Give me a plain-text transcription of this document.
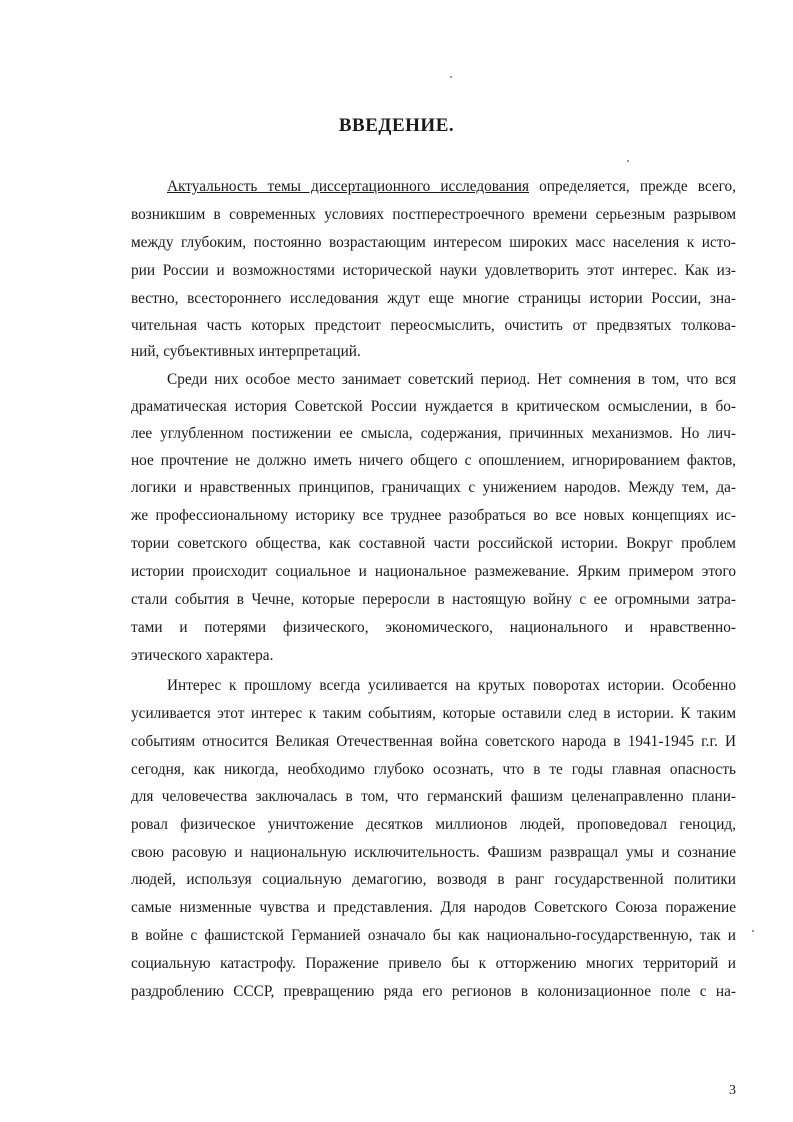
ВВЕДЕНИЕ.
Актуальность темы диссертационного исследования определяется, прежде всего,
возникшим в современных условиях постперестроечного времени серьезным разрывом
между глубоким, постоянно возрастающим интересом широких масс населения к исто-
рии России и возможностями исторической науки удовлетворить этот интерес. Как из-
вестно, всестороннего исследования ждут еще многие страницы истории России, зна-
чительная часть которых предстоит переосмыслить, очистить от предвзятых толкова-
ний, субъективных интерпретаций.
Среди них особое место занимает советский период. Нет сомнения в том, что вся
драматическая история Советской России нуждается в критическом осмыслении, в бо-
лее углубленном постижении ее смысла, содержания, причинных механизмов. Но лич-
ное прочтение не должно иметь ничего общего с опошлением, игнорированием фактов,
логики и нравственных принципов, граничащих с унижением народов. Между тем, да-
же профессиональному историку все труднее разобраться во все новых концепциях ис-
тории советского общества, как составной части российской истории. Вокруг проблем
истории происходит социальное и национальное размежевание. Ярким примером этого
стали события в Чечне, которые переросли в настоящую войну с ее огромными затра-
тами и потерями физического, экономического, национального и нравственно-
этического характера.
Интерес к прошлому всегда усиливается на крутых поворотах истории. Особенно
усиливается этот интерес к таким событиям, которые оставили след в истории. К таким
событиям относится Великая Отечественная война советского народа в 1941-1945 г.г. И
сегодня, как никогда, необходимо глубоко осознать, что в те годы главная опасность
для человечества заключалась в том, что германский фашизм целенаправленно плани-
ровал физическое уничтожение десятков миллионов людей, проповедовал геноцид,
свою расовую и национальную исключительность. Фашизм развращал умы и сознание
людей, используя социальную демагогию, возводя в ранг государственной политики
самые низменные чувства и представления. Для народов Советского Союза поражение
в войне с фашистской Германией означало бы как национально-государственную, так и
социальную катастрофу. Поражение привело бы к отторжению многих территорий и
раздроблению СССР, превращению ряда его регионов в колонизационное поле с на-
3
